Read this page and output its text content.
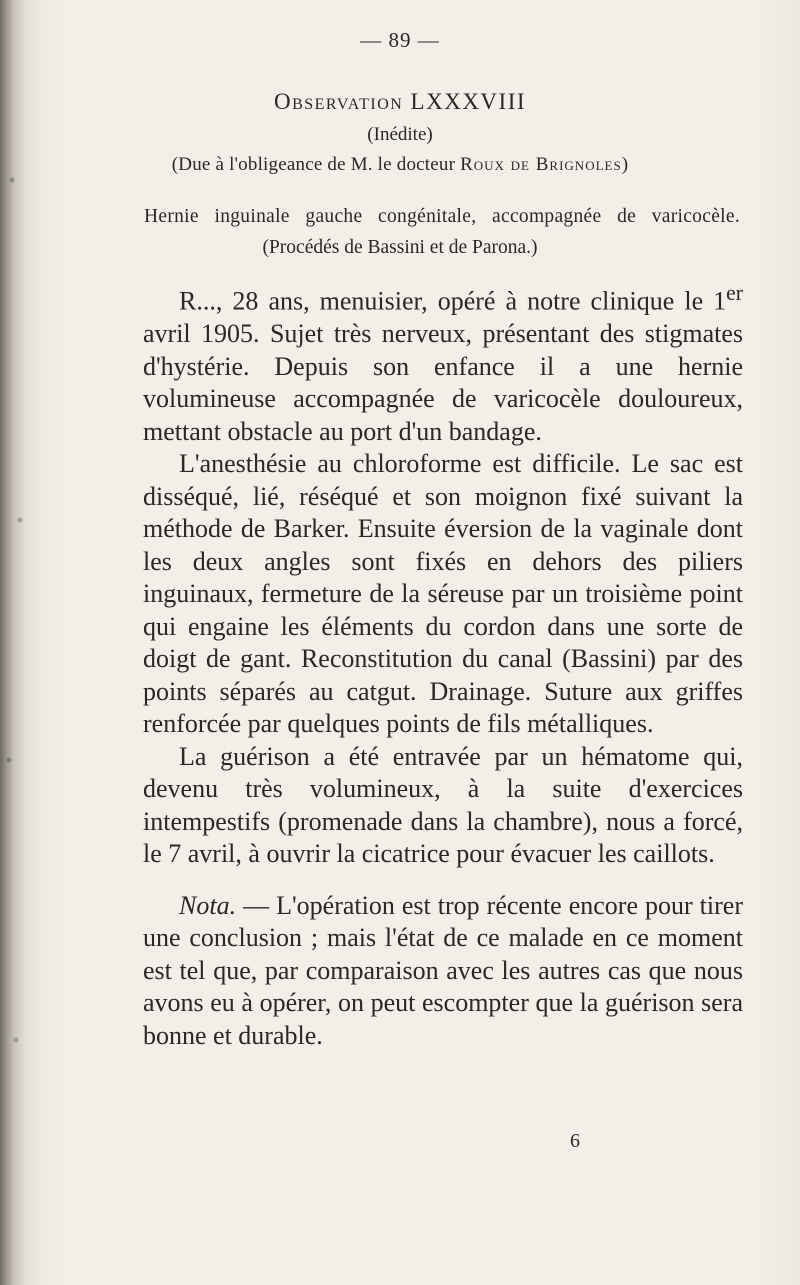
— 89 —
Observation LXXXVIII
(Inédite)
(Due à l'obligeance de M. le docteur Roux de Brignoles)
Hernie inguinale gauche congénitale, accompagnée de varicocèle.
(Procédés de Bassini et de Parona.)

R..., 28 ans, menuisier, opéré à notre clinique le 1er avril 1905. Sujet très nerveux, présentant des stigmates d'hystérie. Depuis son enfance il a une hernie volumineuse accompagnée de varicocèle douloureux, mettant obstacle au port d'un bandage.

L'anesthésie au chloroforme est difficile. Le sac est disséqué, lié, réséqué et son moignon fixé suivant la méthode de Barker. Ensuite éversion de la vaginale dont les deux angles sont fixés en dehors des piliers inguinaux, fermeture de la séreuse par un troisième point qui engaine les éléments du cordon dans une sorte de doigt de gant. Reconstitution du canal (Bassini) par des points séparés au catgut. Drainage. Suture aux griffes renforcée par quelques points de fils métalliques.

La guérison a été entravée par un hématome qui, devenu très volumineux, à la suite d'exercices intempestifs (promenade dans la chambre), nous a forcé, le 7 avril, à ouvrir la cicatrice pour évacuer les caillots.

Nota. — L'opération est trop récente encore pour tirer une conclusion ; mais l'état de ce malade en ce moment est tel que, par comparaison avec les autres cas que nous avons eu à opérer, on peut escompter que la guérison sera bonne et durable.

6
